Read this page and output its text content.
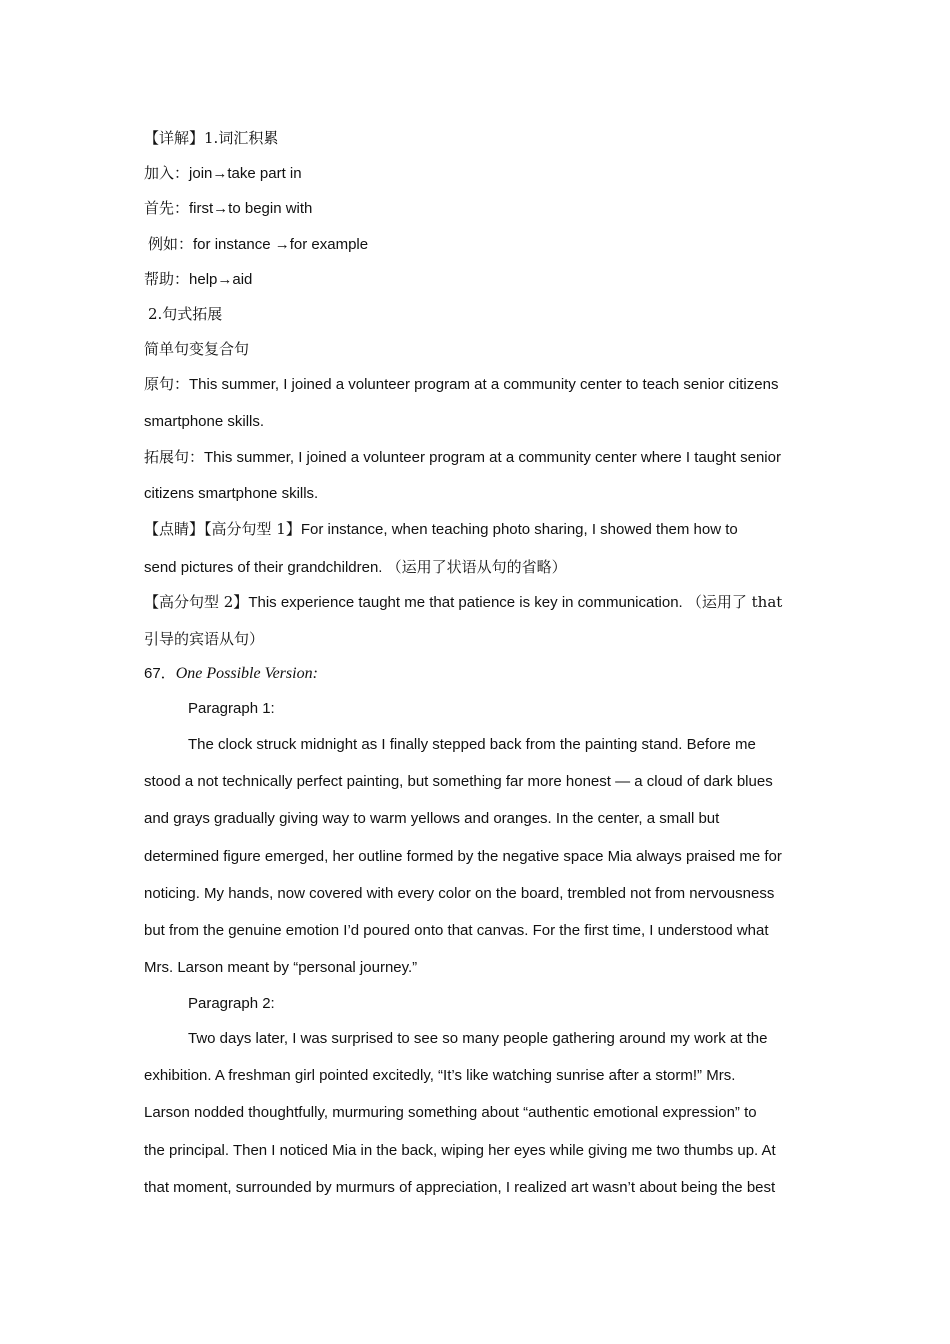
【详解】1.词汇积累
加入：join→take part in
首先：first→to begin with
例如：for instance →for example
帮助：help→aid
2.句式拓展
简单句变复合句
原句：This summer, I joined a volunteer program at a community center to teach senior citizens
smartphone skills.
拓展句：This summer, I joined a volunteer program at a community center where I taught senior
citizens smartphone skills.
【点睛】【高分句型 1】For instance, when teaching photo sharing, I showed them how to
send pictures of their grandchildren. （运用了状语从句的省略）
【高分句型 2】This experience taught me that patience is key in communication. （运用了 that
引导的宾语从句）
67．One Possible Version:
Paragraph 1:
The clock struck midnight as I finally stepped back from the painting stand. Before me
stood a not technically perfect painting, but something far more honest — a cloud of dark blues
and grays gradually giving way to warm yellows and oranges. In the center, a small but
determined figure emerged, her outline formed by the negative space Mia always praised me for
noticing. My hands, now covered with every color on the board, trembled not from nervousness
but from the genuine emotion I’d poured onto that canvas. For the first time, I understood what
Mrs. Larson meant by “personal journey.”
Paragraph 2:
Two days later, I was surprised to see so many people gathering around my work at the
exhibition. A freshman girl pointed excitedly, “It’s like watching sunrise after a storm!” Mrs.
Larson nodded thoughtfully, murmuring something about “authentic emotional expression” to
the principal. Then I noticed Mia in the back, wiping her eyes while giving me two thumbs up. At
that moment, surrounded by murmurs of appreciation, I realized art wasn’t about being the best
